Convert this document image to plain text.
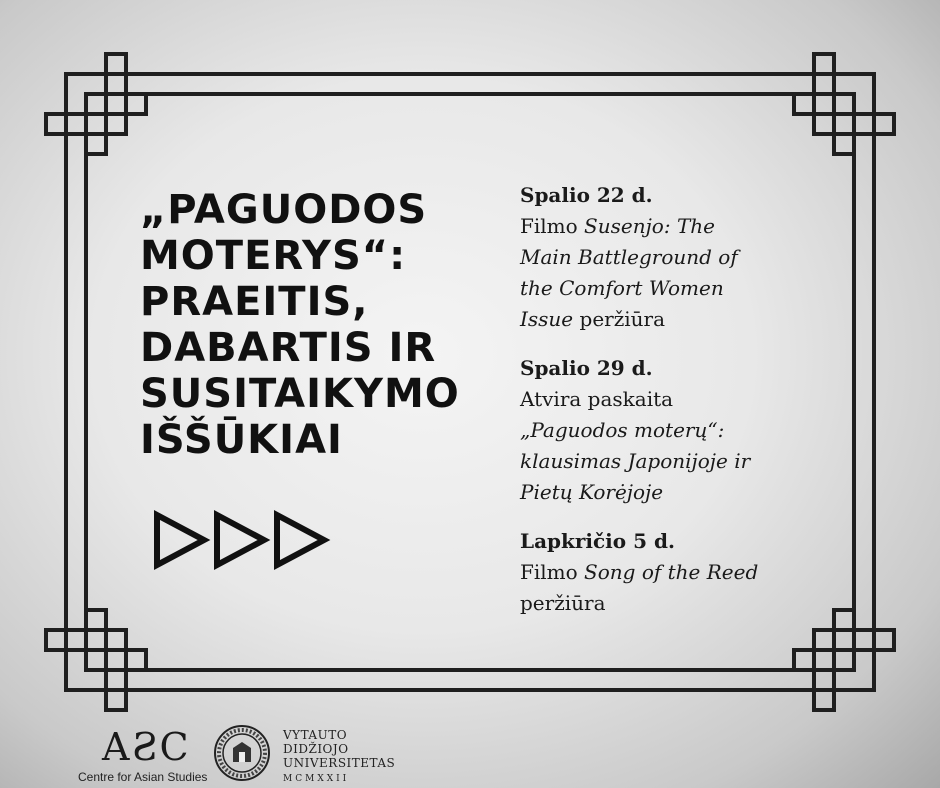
„PAGUODOS
MOTERYS“:
PRAEITIS,
DABARTIS IR
SUSITAIKYMO
IŠŠŪKIAI
Spalio 22 d.
Filmo Susenjo: The
Main Battleground of
the Comfort Women
Issue peržiūra
Spalio 29 d.
Atvira paskaita
„Paguodos moterų“:
klausimas Japonijoje ir
Pietų Korėjoje
Lapkričio 5 d.
Filmo Song of the Reed
peržiūra
AƧC
Centre for Asian Studies
VYTAUTO
DIDŽIOJO
UNIVERSITETAS
MCMXXII
